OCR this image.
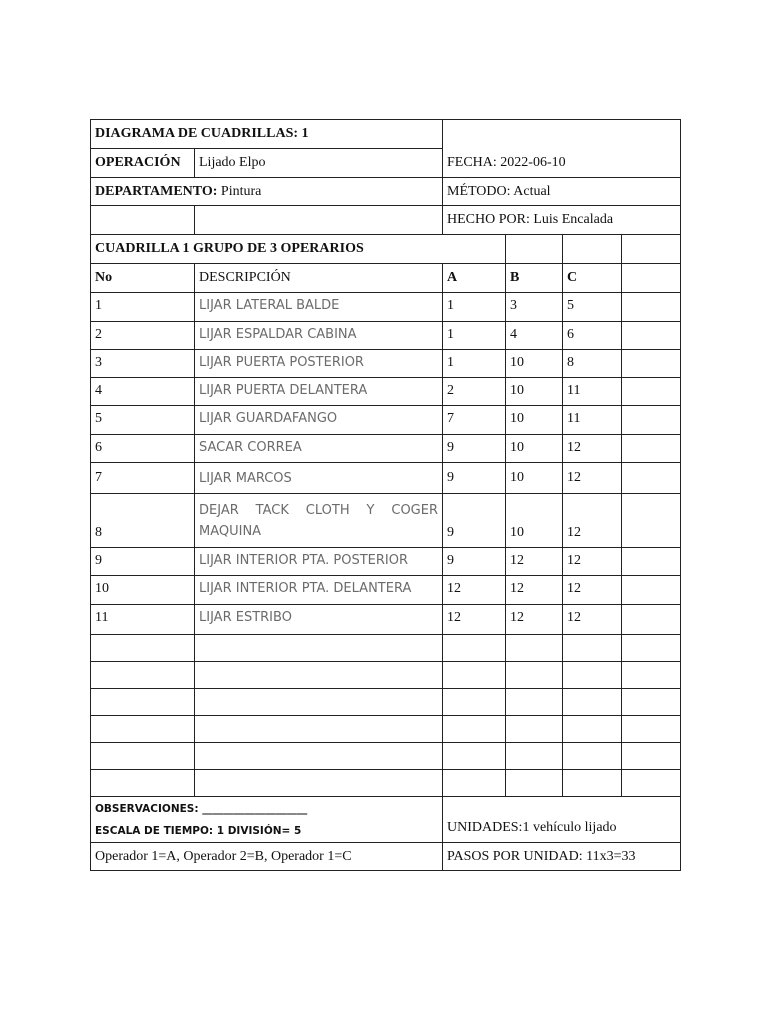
DIAGRAMA DE CUADRILLAS: 1		FECHA: 2022-06-10			
OPERACIÓN	Lijado Elpo				
DEPARTAMENTO: Pintura		MÉTODO: Actual			
		HECHO POR: Luis Encalada			
CUADRILLA 1 GRUPO DE 3 OPERARIOS					
No	DESCRIPCIÓN	A	B	C	
1	LIJAR LATERAL BALDE	1	3	5	
2	LIJAR ESPALDAR CABINA	1	4	6	
3	LIJAR PUERTA POSTERIOR	1	10	8	
4	LIJAR PUERTA DELANTERA	2	10	11	
5	LIJAR GUARDAFANGO	7	10	11	
6	SACAR CORREA	9	10	12	
7	LIJAR MARCOS	9	10	12	
8	DEJAR TACK CLOTH Y COGER
MAQUINA	9	10	12	
9	LIJAR INTERIOR PTA. POSTERIOR	9	12	12	
10	LIJAR INTERIOR PTA. DELANTERA	12	12	12	
11	LIJAR ESTRIBO	12	12	12	

OBSERVACIONES: ____________________
ESCALA DE TIEMPO: 1 DIVISIÓN= 5		UNIDADES:1 vehículo lijado			
Operador 1=A, Operador 2=B, Operador 1=C		PASOS POR UNIDAD: 11x3=33			
